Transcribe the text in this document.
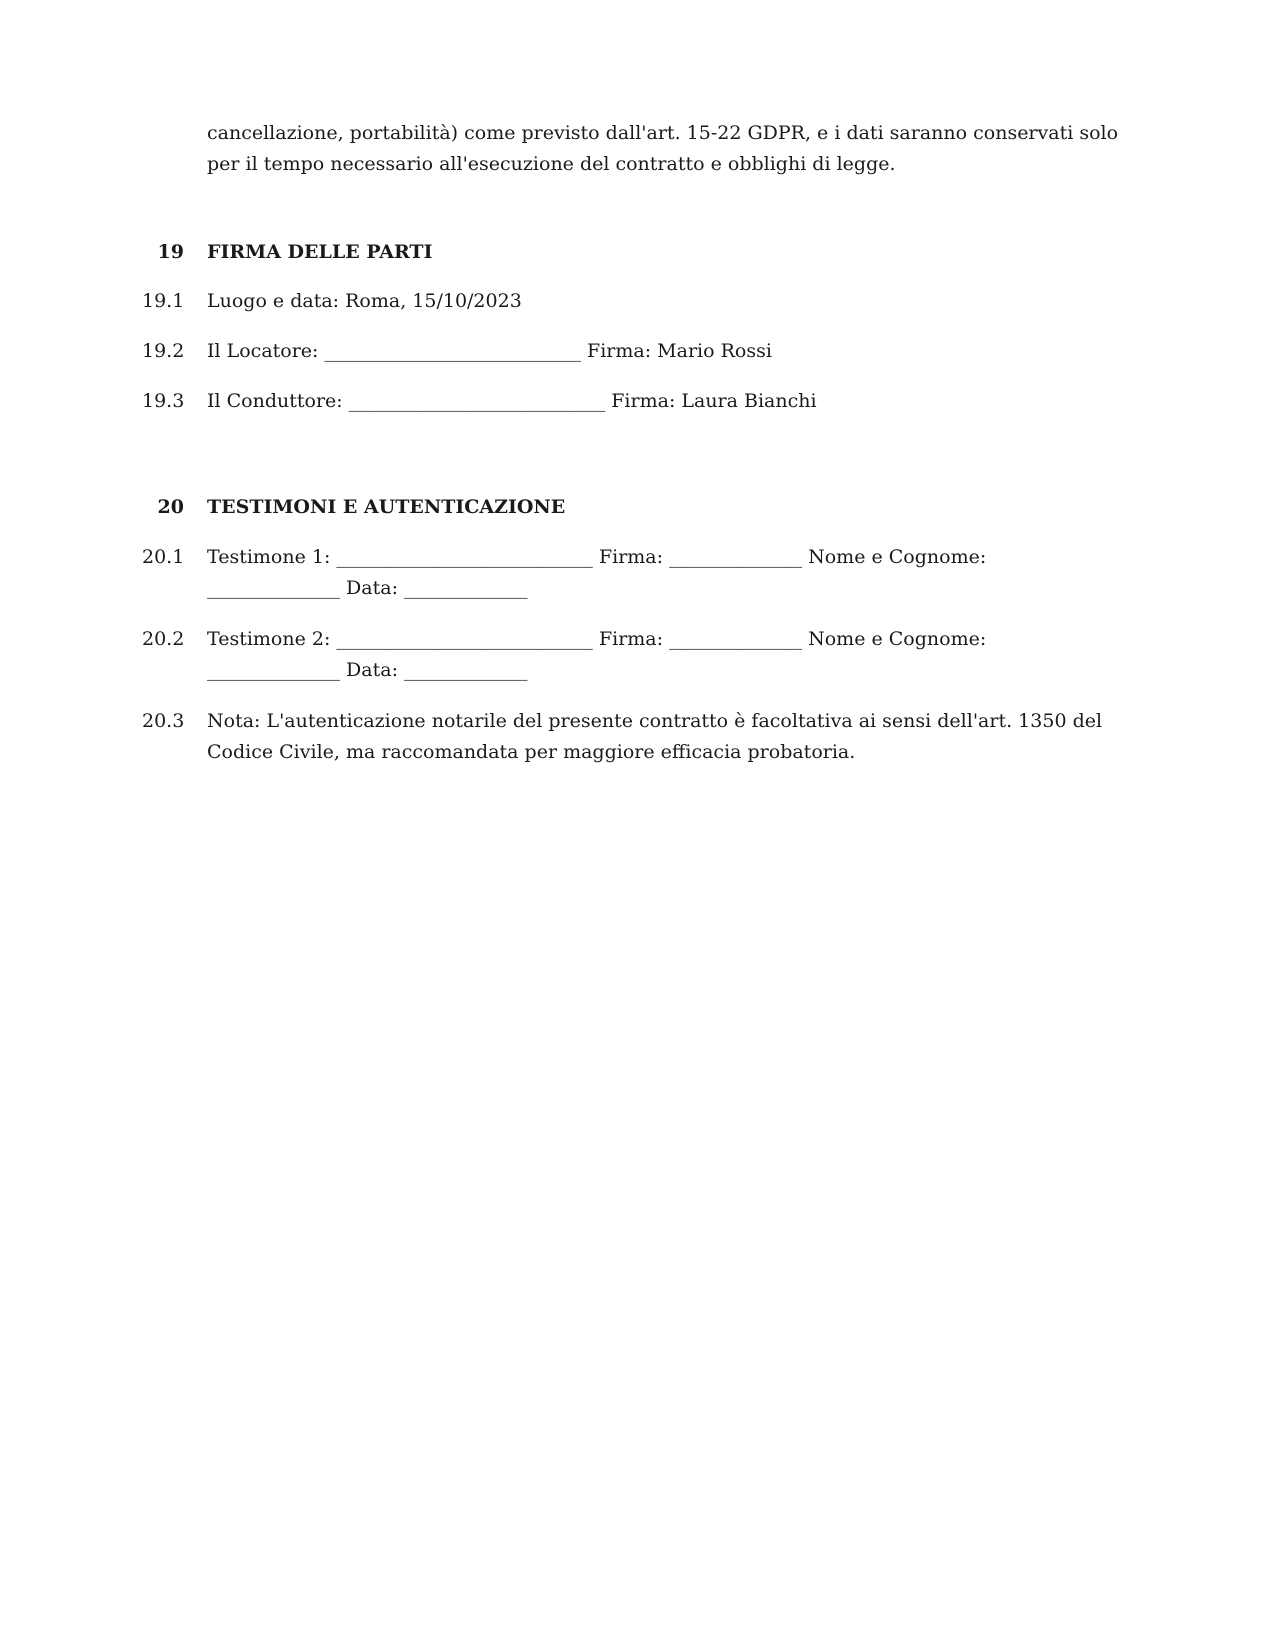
cancellazione, portabilità) come previsto dall'art. 15-22 GDPR, e i dati saranno conservati solo per il tempo necessario all'esecuzione del contratto e obblighi di legge.
19 FIRMA DELLE PARTI
19.1 Luogo e data: Roma, 15/10/2023
19.2 Il Locatore: ___________________________ Firma: Mario Rossi
19.3 Il Conduttore: ___________________________ Firma: Laura Bianchi
20 TESTIMONI E AUTENTICAZIONE
20.1 Testimone 1: ___________________________ Firma: ______________ Nome e Cognome: ______________ Data: _____________
20.2 Testimone 2: ___________________________ Firma: ______________ Nome e Cognome: ______________ Data: _____________
20.3 Nota: L'autenticazione notarile del presente contratto è facoltativa ai sensi dell'art. 1350 del Codice Civile, ma raccomandata per maggiore efficacia probatoria.
